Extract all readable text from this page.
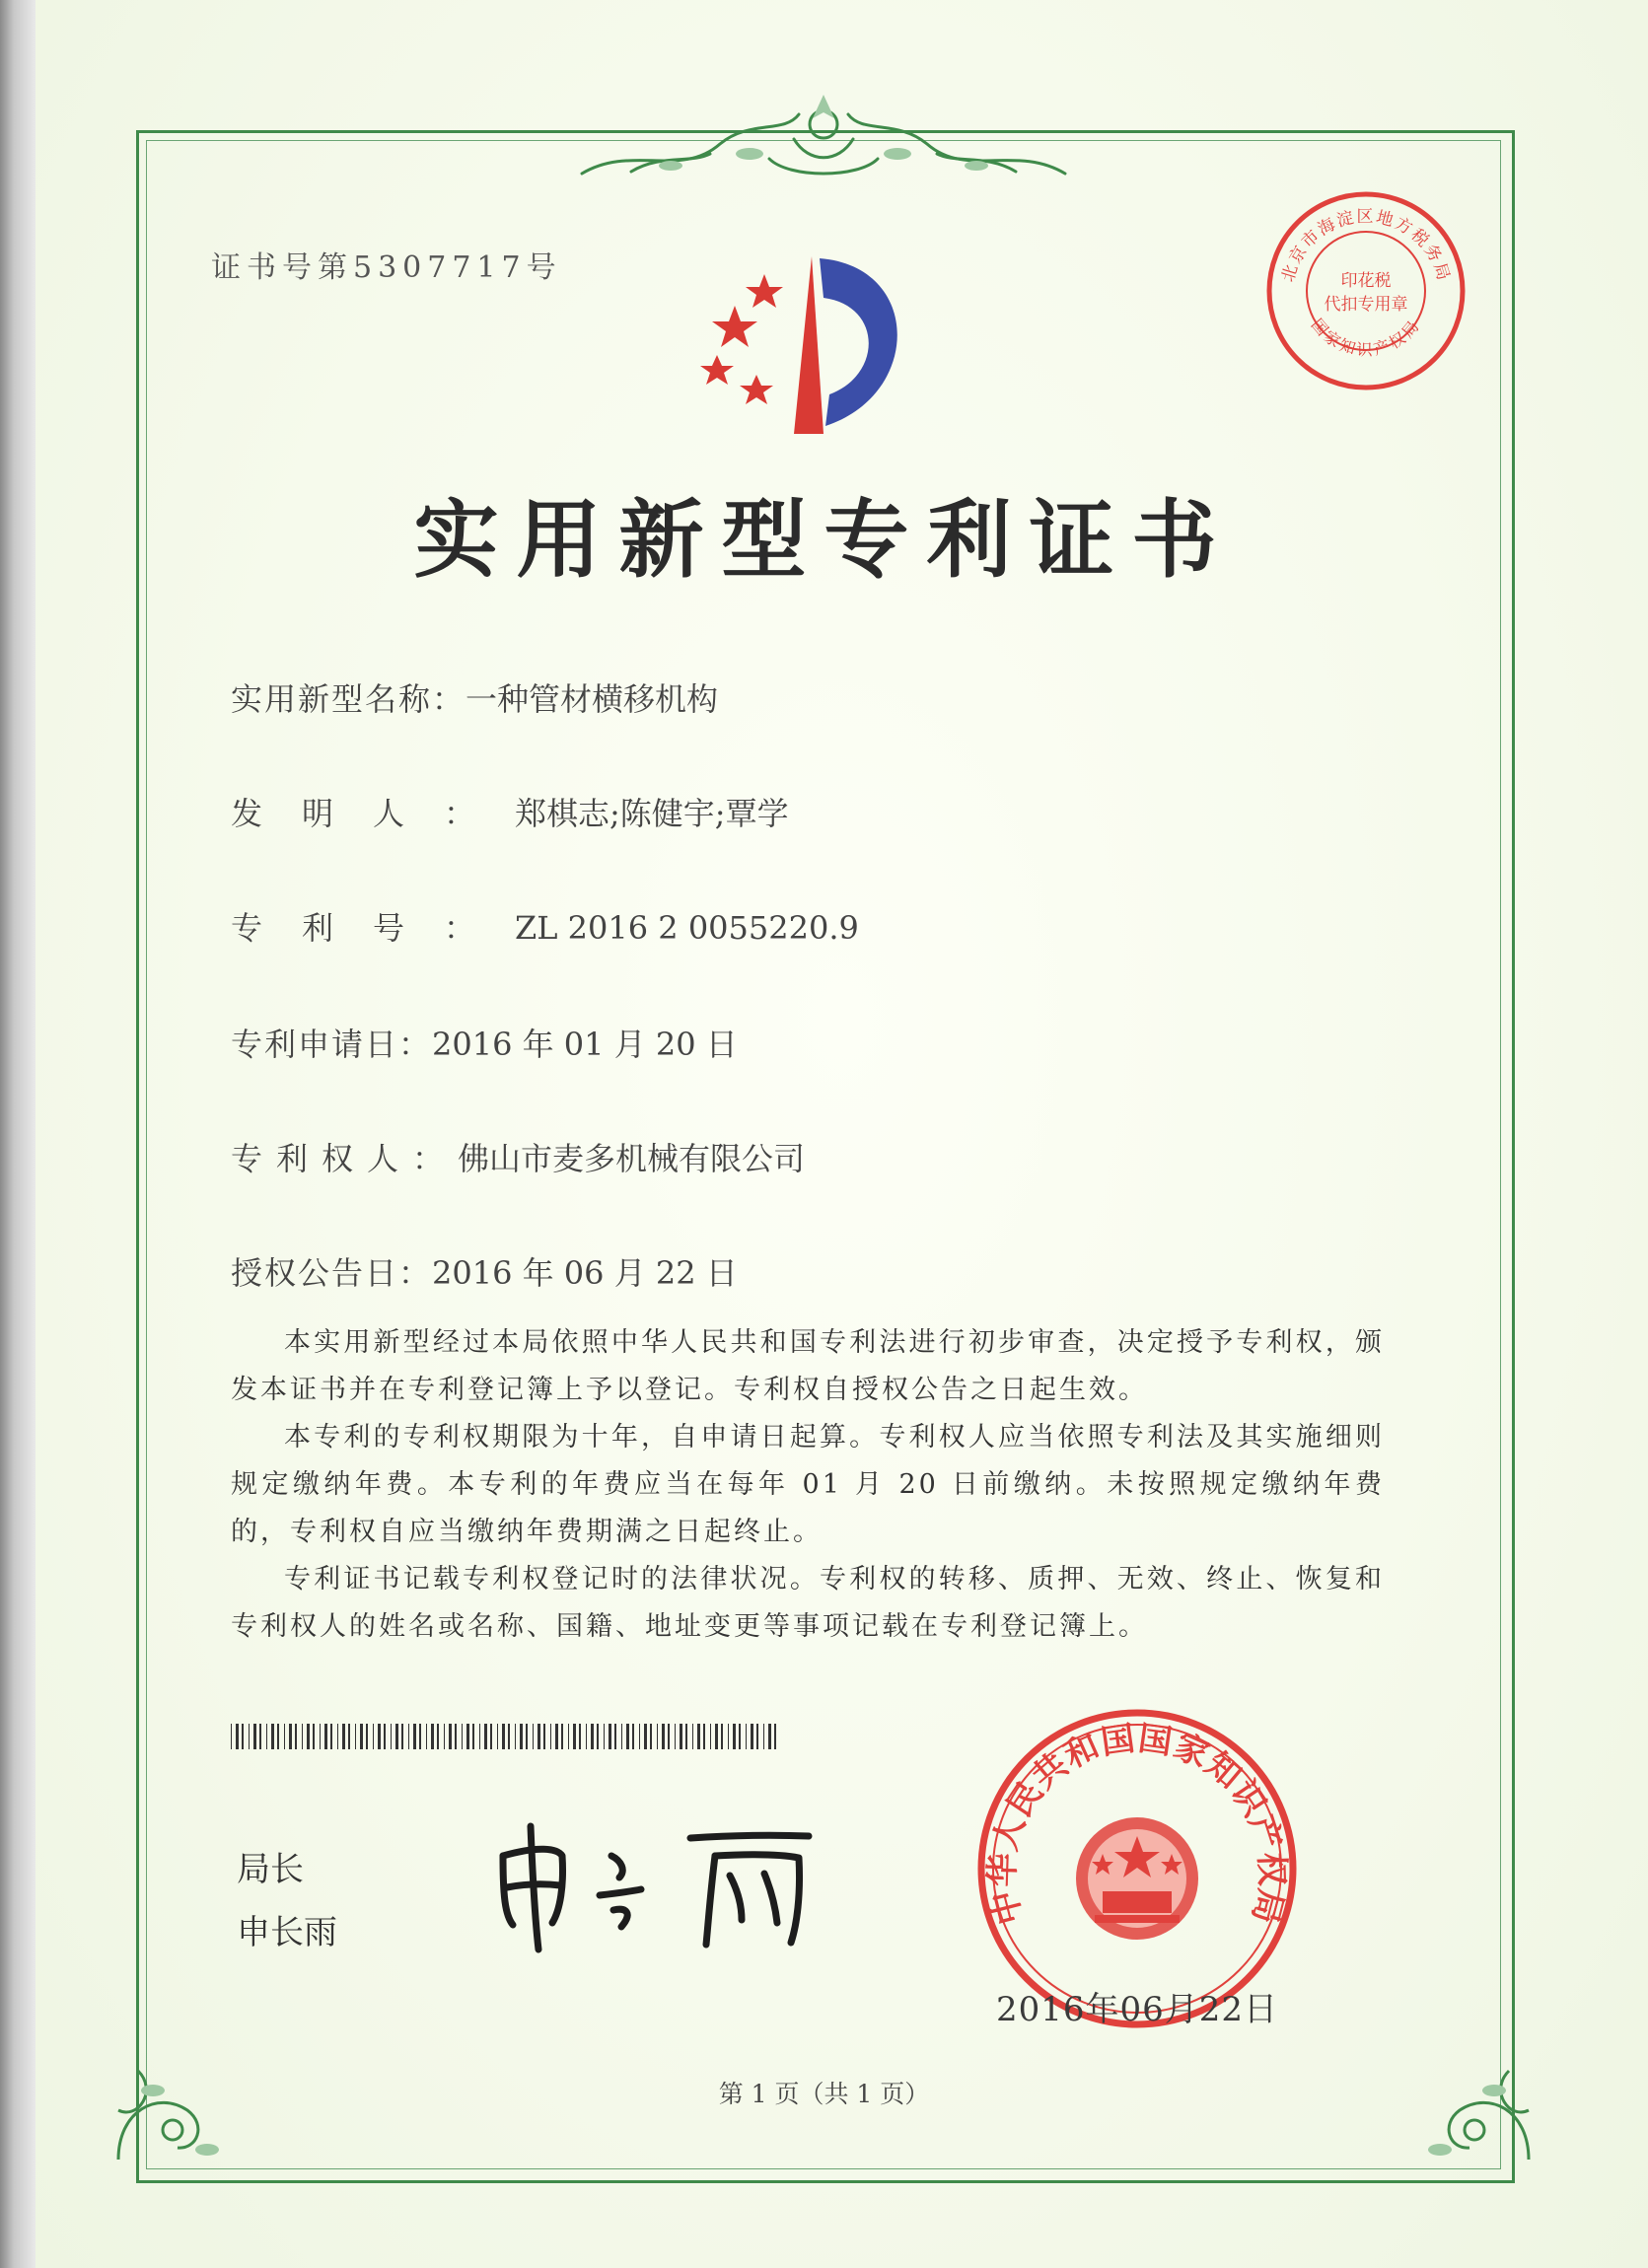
证书号第5307717号	北京市海淀区地方税务局
国家知识产权局
印花税
代扣专用章
实用新型专利证书
实用新型名称：一种管材横移机构
发明人：郑棋志;陈健宇;覃学
专利号：ZL 2016 2 0055220.9
专利申请日：2016 年 01 月 20 日
专利权人：佛山市麦多机械有限公司
授权公告日：2016 年 06 月 22 日
本实用新型经过本局依照中华人民共和国专利法进行初步审查，决定授予专利权，颁发本证书并在专利登记簿上予以登记。专利权自授权公告之日起生效。
本专利的专利权期限为十年，自申请日起算。专利权人应当依照专利法及其实施细则规定缴纳年费。本专利的年费应当在每年 01 月 20 日前缴纳。未按照规定缴纳年费的，专利权自应当缴纳年费期满之日起终止。
专利证书记载专利权登记时的法律状况。专利权的转移、质押、无效、终止、恢复和专利权人的姓名或名称、国籍、地址变更等事项记载在专利登记簿上。
局长
申长雨
中华人民共和国国家知识产权局
2016年06月22日
第 1 页（共 1 页）
